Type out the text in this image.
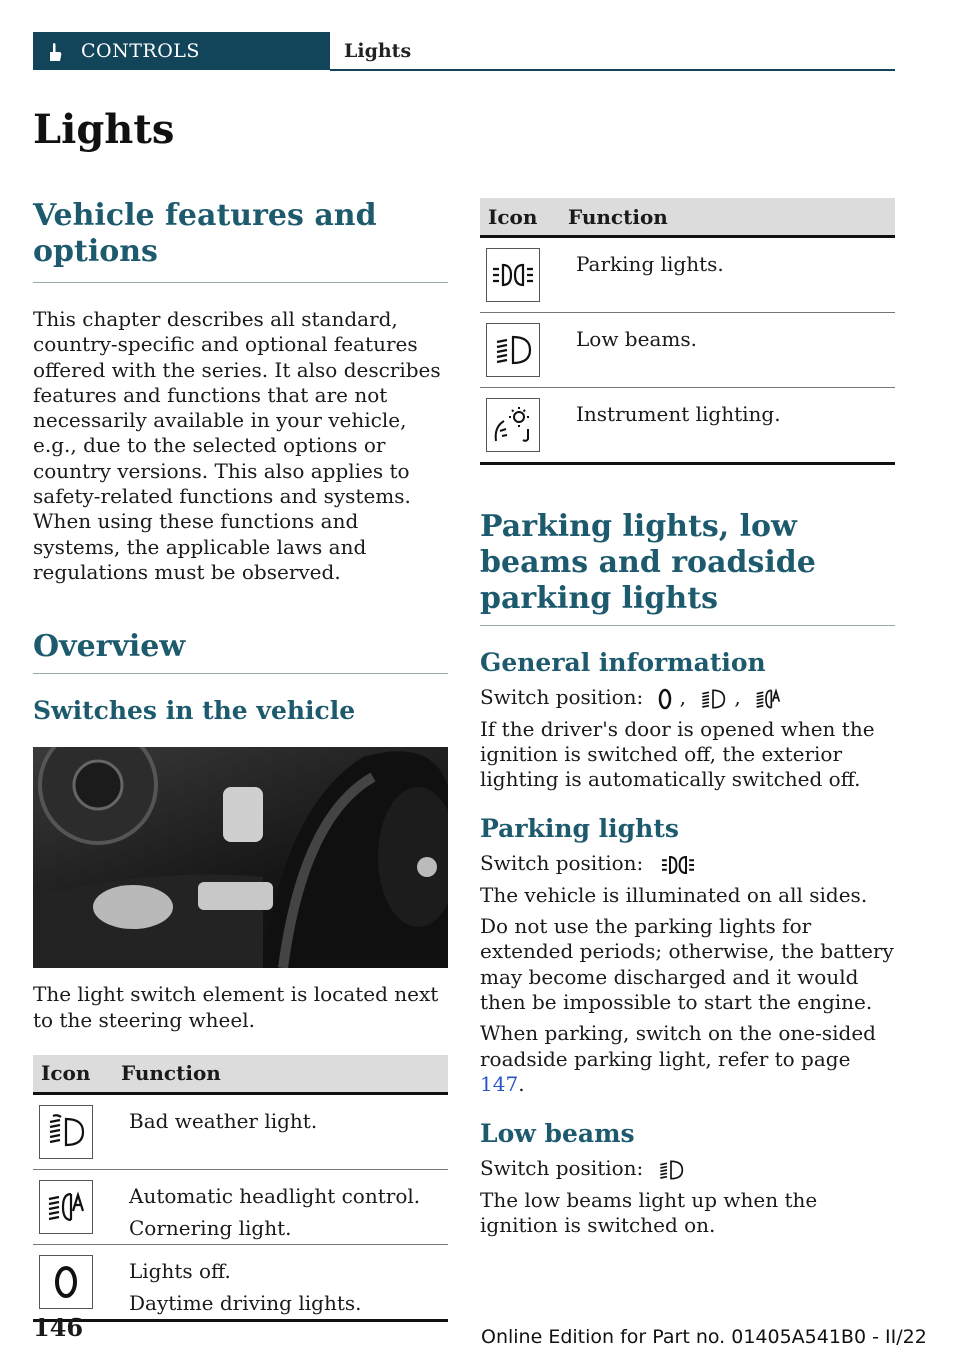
CONTROLS	Lights
Lights
Vehicle features and options

This chapter describes all standard, country-specific and optional features offered with the series. It also describes features and functions that are not necessarily available in your vehicle, e.g., due to the selected options or country versions. This also applies to safety-related functions and systems. When using these functions and systems, the applicable laws and regulations must be observed.

Overview
Switches in the vehicle

The light switch element is located next to the steering wheel.

Icon	Function

Bad weather light.

Automatic headlight control.
Cornering light.

Lights off.
Daytime driving lights.
Icon	Function

Parking lights.

Low beams.

Instrument lighting.
Parking lights, low beams and roadside parking lights
General information

Switch position: , ,

If the driver's door is opened when the ignition is switched off, the exterior lighting is automatically switched off.

Parking lights

Switch position:

The vehicle is illuminated on all sides.

Do not use the parking lights for extended periods; otherwise, the battery may become discharged and it would then be impossible to start the engine.

When parking, switch on the one-sided roadside parking light, refer to page 147.

Low beams

Switch position:

The low beams light up when the ignition is switched on.

146	Online Edition for Part no. 01405A541B0 - II/22
